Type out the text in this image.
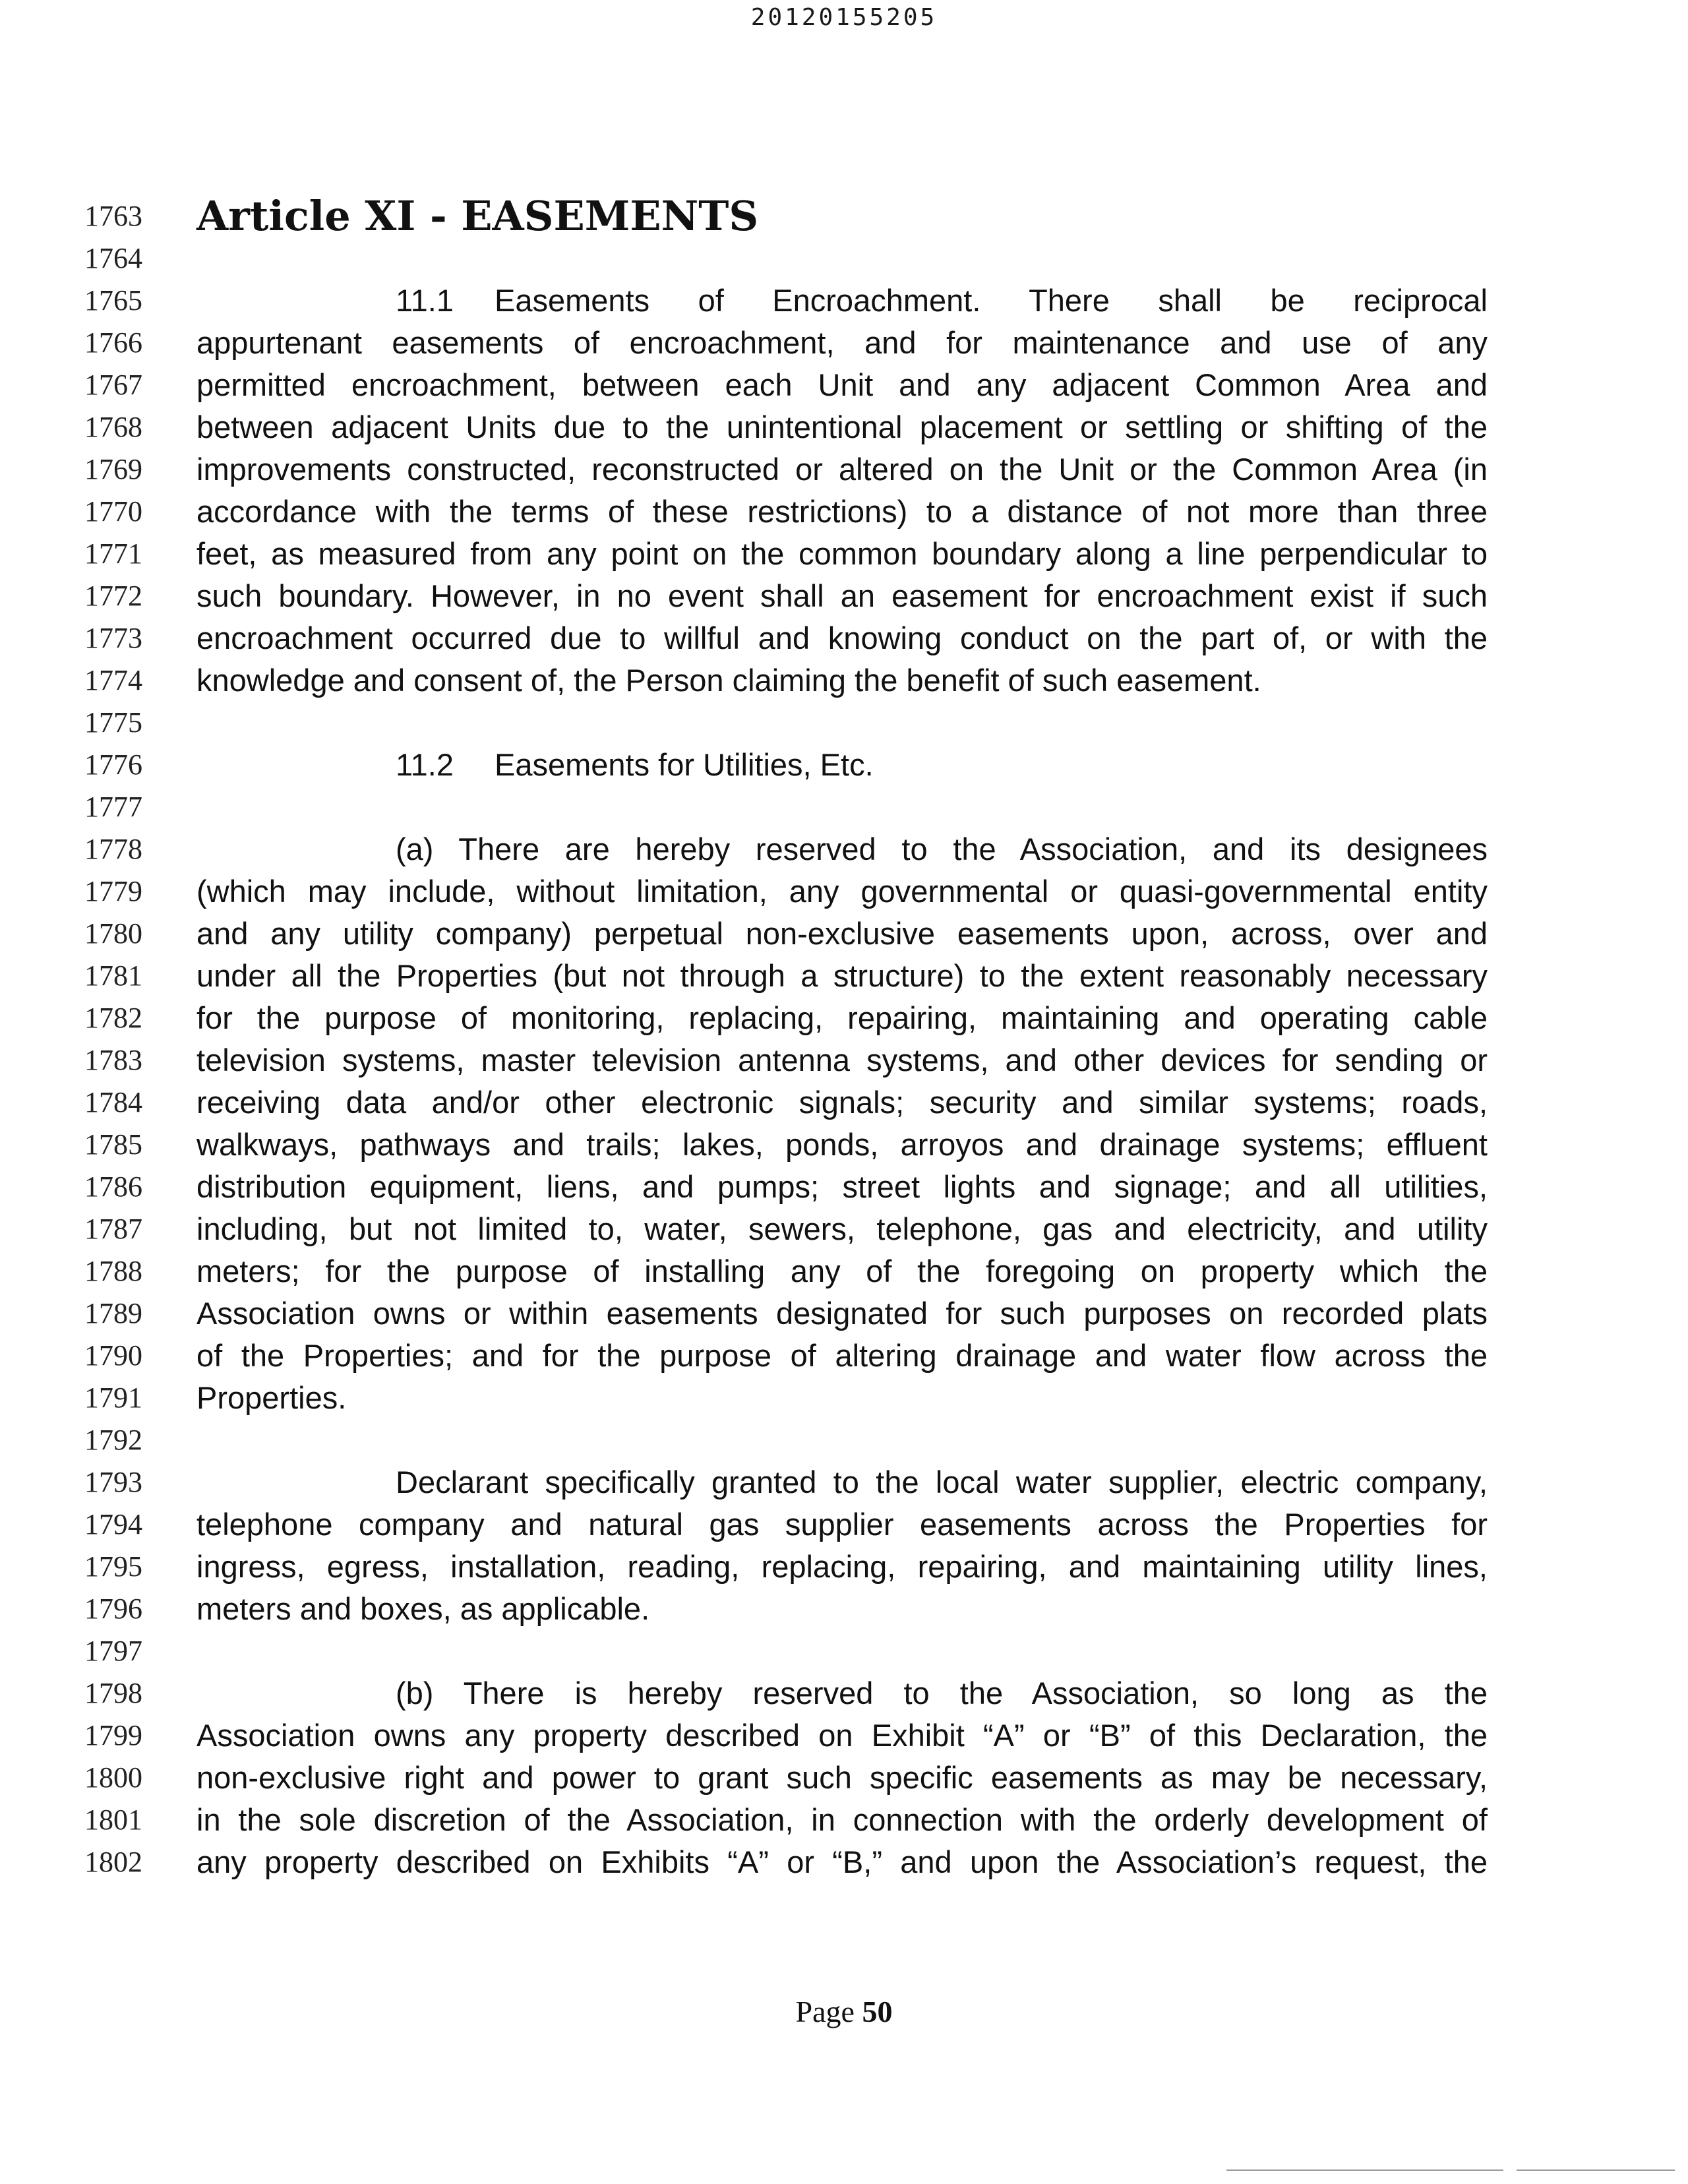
20120155205
1763
1764
1765
1766
1767
1768
1769
1770
1771
1772
1773
1774
1775
1776
1777
1778
1779
1780
1781
1782
1783
1784
1785
1786
1787
1788
1789
1790
1791
1792
1793
1794
1795
1796
1797
1798
1799
1800
1801
1802
Article XI - EASEMENTS
11.1 Easements of Encroachment. There shall be reciprocal
appurtenant easements of encroachment, and for maintenance and use of any
permitted encroachment, between each Unit and any adjacent Common Area and
between adjacent Units due to the unintentional placement or settling or shifting of the
improvements constructed, reconstructed or altered on the Unit or the Common Area (in
accordance with the terms of these restrictions) to a distance of not more than three
feet, as measured from any point on the common boundary along a line perpendicular to
such boundary. However, in no event shall an easement for encroachment exist if such
encroachment occurred due to willful and knowing conduct on the part of, or with the
knowledge and consent of, the Person claiming the benefit of such easement.
11.2 Easements for Utilities, Etc.
(a) There are hereby reserved to the Association, and its designees
(which may include, without limitation, any governmental or quasi-governmental entity
and any utility company) perpetual non-exclusive easements upon, across, over and
under all the Properties (but not through a structure) to the extent reasonably necessary
for the purpose of monitoring, replacing, repairing, maintaining and operating cable
television systems, master television antenna systems, and other devices for sending or
receiving data and/or other electronic signals; security and similar systems; roads,
walkways, pathways and trails; lakes, ponds, arroyos and drainage systems; effluent
distribution equipment, liens, and pumps; street lights and signage; and all utilities,
including, but not limited to, water, sewers, telephone, gas and electricity, and utility
meters; for the purpose of installing any of the foregoing on property which the
Association owns or within easements designated for such purposes on recorded plats
of the Properties; and for the purpose of altering drainage and water flow across the
Properties.
Declarant specifically granted to the local water supplier, electric company,
telephone company and natural gas supplier easements across the Properties for
ingress, egress, installation, reading, replacing, repairing, and maintaining utility lines,
meters and boxes, as applicable.
(b) There is hereby reserved to the Association, so long as the
Association owns any property described on Exhibit “A” or “B” of this Declaration, the
non-exclusive right and power to grant such specific easements as may be necessary,
in the sole discretion of the Association, in connection with the orderly development of
any property described on Exhibits “A” or “B,” and upon the Association’s request, the
Page 50
